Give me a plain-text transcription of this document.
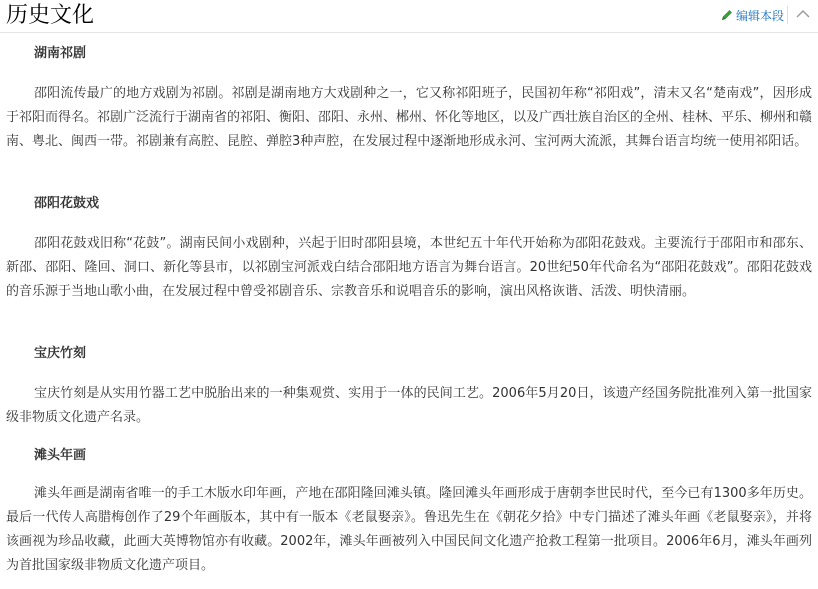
历史文化	编辑本段
湖南祁剧

邵阳流传最广的地方戏剧为祁剧。祁剧是湖南地方大戏剧种之一，它又称祁阳班子，民国初年称“祁阳戏”，清末又名“楚南戏”，因形成于祁阳而得名。祁剧广泛流行于湖南省的祁阳、衡阳、邵阳、永州、郴州、怀化等地区，以及广西壮族自治区的全州、桂林、平乐、柳州和赣南、粤北、闽西一带。祁剧兼有高腔、昆腔、弹腔3种声腔，在发展过程中逐渐地形成永河、宝河两大流派，其舞台语言均统一使用祁阳话。

邵阳花鼓戏

邵阳花鼓戏旧称“花鼓”。湖南民间小戏剧种，兴起于旧时邵阳县境，本世纪五十年代开始称为邵阳花鼓戏。主要流行于邵阳市和邵东、新邵、邵阳、隆回、洞口、新化等县市，以祁剧宝河派戏白结合邵阳地方语言为舞台语言。20世纪50年代命名为“邵阳花鼓戏”。邵阳花鼓戏的音乐源于当地山歌小曲，在发展过程中曾受祁剧音乐、宗教音乐和说唱音乐的影响，演出风格诙谐、活泼、明快清丽。

宝庆竹刻

宝庆竹刻是从实用竹器工艺中脱胎出来的一种集观赏、实用于一体的民间工艺。2006年5月20日，该遗产经国务院批准列入第一批国家级非物质文化遗产名录。

滩头年画

滩头年画是湖南省唯一的手工木版水印年画，产地在邵阳隆回滩头镇。隆回滩头年画形成于唐朝李世民时代，至今已有1300多年历史。最后一代传人高腊梅创作了29个年画版本，其中有一版本《老鼠娶亲》。鲁迅先生在《朝花夕拾》中专门描述了滩头年画《老鼠娶亲》，并将该画视为珍品收藏，此画大英博物馆亦有收藏。2002年，滩头年画被列入中国民间文化遗产抢救工程第一批项目。2006年6月，滩头年画列为首批国家级非物质文化遗产项目。
